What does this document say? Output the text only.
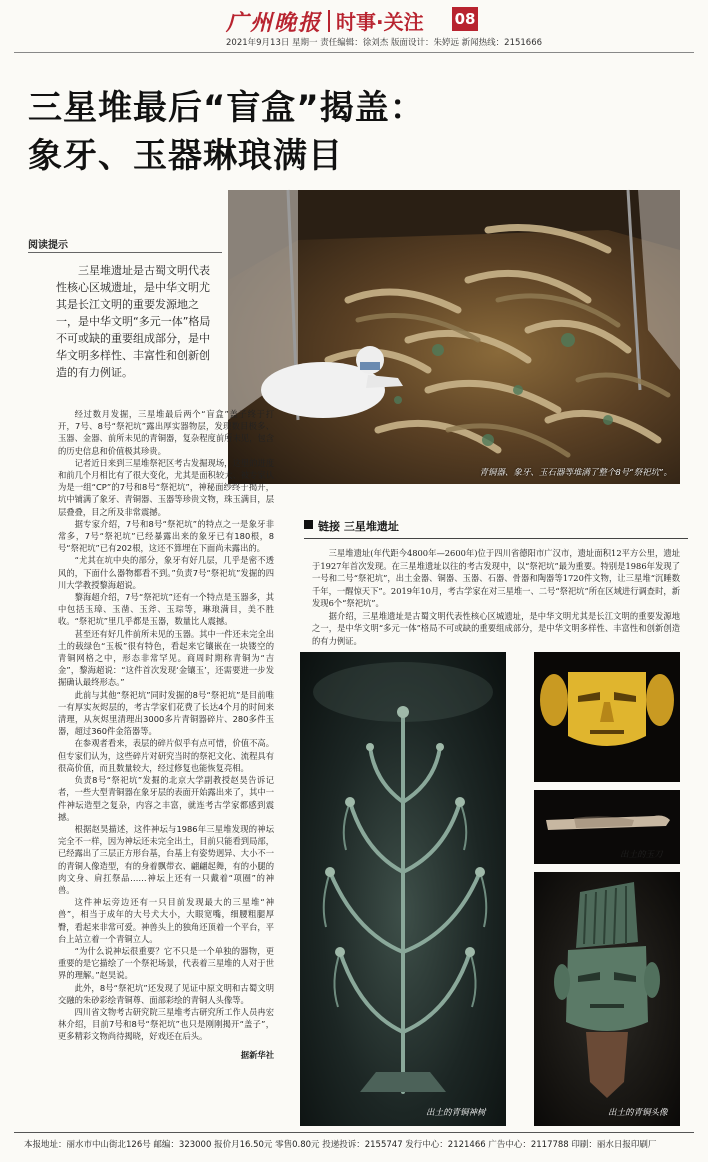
广州晚报 时事·关注 08
2021年9月13日 星期一 责任编辑：徐刘杰 版面设计：朱婷远 新闻热线：2151666
三星堆最后“盲盒”揭盖：
象牙、玉器琳琅满目
青铜器、象牙、玉石器等堆满了整个8号“祭祀坑”。
阅读提示
三星堆遗址是古蜀文明代表性核心区城遗址，是中华文明尤其是长江文明的重要发源地之一，是中华文明“多元一体”格局不可或缺的重要组成部分，是中华文明多样性、丰富性和创新创造的有力例证。

经过数月发掘，三星堆最后两个“盲盒”盖子终于打开，7号、8号“祭祀坑”露出厚实器物层，发现数目极多、玉器、金器、前所未见的青铜器，复杂程度前所未见，包含的历史信息和价值极其珍贵。

记者近日来到三星堆祭祀区考古发掘现场，这里的进度和前几个月相比有了很大变化，尤其是面积较大、被专家认为是一组“CP”的7号和8号“祭祀坑”，神秘面纱终于揭开，坑中铺满了象牙、青铜器、玉器等珍贵文物，珠玉满目，层层叠叠，目之所及非常震撼。

据专家介绍，7号和8号“祭祀坑”的特点之一是象牙非常多，7号“祭祀坑”已经暴露出来的象牙已有180根，8号“祭祀坑”已有202根，这还不算埋在下面尚未露出的。

“尤其在坑中央的部分，象牙有好几层，几乎是密不透风的，下面什么器物都看不到。”负责7号“祭祀坑”发掘的四川大学教授黎海超说。

黎海超介绍，7号“祭祀坑”还有一个特点是玉器多，其中包括玉璋、玉凿、玉斧、玉琮等，琳琅满目，美不胜收。“祭祀坑”里几乎都是玉器，数量比人震撼。

甚至还有好几件前所未见的玉器。其中一件还未完全出土的载绿色“玉板”很有特色，看起来它镶嵌在一块镂空的青铜网格之中，形态非常罕见。商周时期称青铜为“吉金”，黎海超说：“这件首次发现‘金镶玉’，还需要进一步发掘确认最终形态。”

此前与其他“祭祀坑”同时发掘的8号“祭祀坑”是目前唯一有厚实灰烬层的，考古学家们花费了长达4个月的时间来清理，从灰烬里清理出3000多片青铜器碎片、280多件玉器，超过360件金箔器等。

在参观者看来，表层的碎片似乎有点可惜，价值不高。但专家们认为，这些碎片对研究当时的祭祀文化、流程具有很高价值，而且数量较大，经过修复也能恢复亮相。

负责8号“祭祀坑”发掘的北京大学副教授赵昊告诉记者，一些大型青铜器在象牙层的表面开始露出来了，其中一件神坛造型之复杂，内容之丰富，就连考古学家都感到震撼。

根据赵昊描述，这件神坛与1986年三星堆发现的神坛完全不一样，因为神坛还未完全出土，目前只能看到局部，已经露出了三层正方形台基，台基上有姿势迥异、大小不一的青铜人像造型，有的身着飘带衣、翩翩起舞，有的小腿的肉文身、肩扛祭品……神坛上还有一只戴着“项圈”的神兽。

这件神坛旁边还有一只目前发现最大的三星堆“神兽”，相当于成年的大号犬大小，大眼宽嘴，细腰粗腿厚臀，看起来非常可爱。神兽头上的独角还顶着一个平台，平台上站立着一个青铜立人。

“为什么说神坛很重要？它不只是一个单独的器物，更重要的是它描绘了一个祭祀场景，代表着三星堆的人对于世界的理解。”赵昊说。

此外，8号“祭祀坑”还发现了见证中原文明和古蜀文明交融的朱砂彩绘青铜尊、面部彩绘的青铜人头像等。

四川省文物考古研究院三星堆考古研究所工作人员冉宏林介绍，目前7号和8号“祭祀坑”也只是刚刚揭开“盖子”，更多精彩文物尚待揭晓，好戏还在后头。

据新华社

链接 三星堆遗址

三星堆遗址(年代距今4800年—2600年)位于四川省德阳市广汉市，遗址面积12平方公里，遗址于1927年首次发现。在三星堆遗址以往的考古发现中，以“祭祀坑”最为重要。特别是1986年发现了一号和二号“祭祀坑”，出土金器、铜器、玉器、石器、骨器和陶器等1720件文物，让三星堆“沉睡数千年，一醒惊天下”。2019年10月，考古学家在对三星堆一、二号“祭祀坑”所在区域进行调查时，新发现6个“祭祀坑”。

据介绍，三星堆遗址是古蜀文明代表性核心区城遗址，是中华文明尤其是长江文明的重要发源地之一，是中华文明“多元一体”格局不可或缺的重要组成部分，是中华文明多样性、丰富性和创新创造的有力例证。

出土的青铜神树
出土的玉刀
出土的青铜头像
本报地址：丽水市中山街北126号 邮编：323000 报价月16.50元 零售0.80元 投递投诉：2155747 发行中心：2121466 广告中心：2117788 印刷：丽水日报印刷厂
